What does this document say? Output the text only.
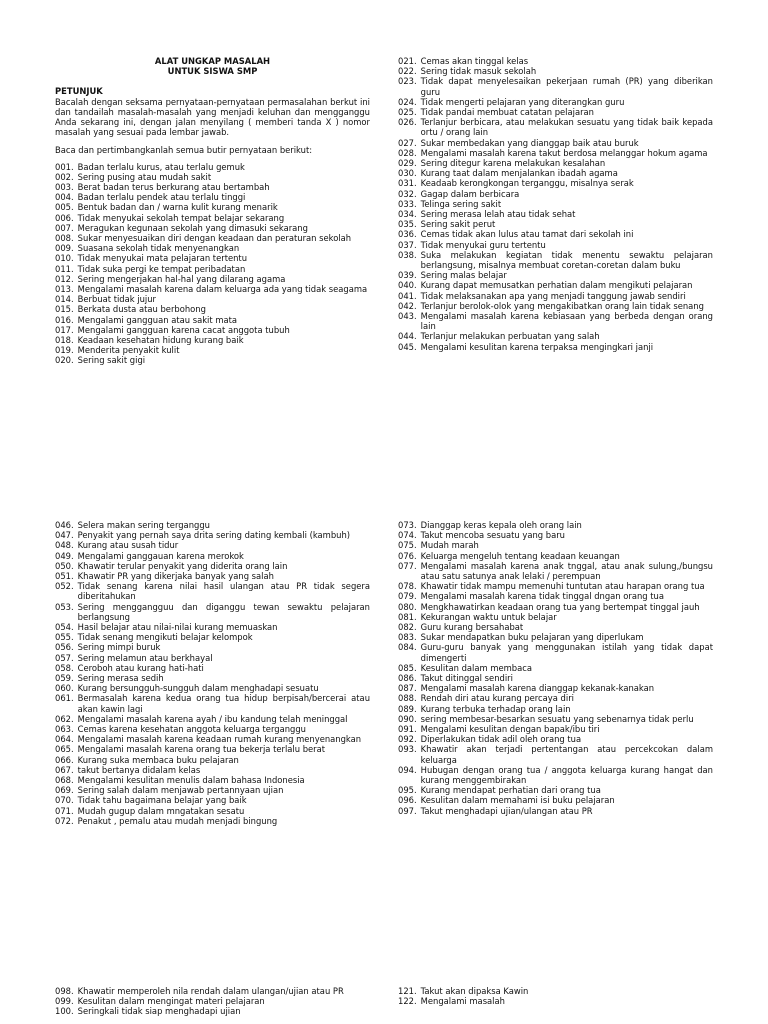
ALAT UNGKAP MASALAH
UNTUK SISWA SMP
PETUNJUK
Bacalah dengan seksama pernyataan-pernyataan permasalahan berkut ini dan tandailah masalah-masalah yang menjadi keluhan dan mengganggu Anda sekarang ini, dengan jalan menyilang ( memberi tanda X ) nomor masalah yang sesuai pada lembar jawab.
Baca dan pertimbangkanlah semua butir pernyataan berikut:
001. Badan terlalu kurus, atau terlalu gemuk
002. Sering pusing atau mudah sakit
003. Berat badan terus berkurang atau bertambah
004. Badan terlalu pendek atau terlalu tinggi
005. Bentuk badan dan / warna kulit kurang menarik
006. Tidak menyukai sekolah tempat belajar sekarang
007. Meragukan kegunaan sekolah yang dimasuki sekarang
008. Sukar menyesuaikan diri dengan keadaan dan peraturan sekolah
009. Suasana sekolah tidak menyenangkan
010. Tidak menyukai mata pelajaran tertentu
011. Tidak suka pergi ke tempat peribadatan
012. Sering mengerjakan hal-hal yang dilarang agama
013. Mengalami masalah karena dalam keluarga ada yang tidak seagama
014. Berbuat tidak jujur
015. Berkata dusta atau berbohong
016. Mengalami gangguan atau sakit mata
017. Mengalami gangguan karena cacat anggota tubuh
018. Keadaan kesehatan hidung kurang baik
019. Menderita penyakit kulit
020. Sering sakit gigi
021. Cemas akan tinggal kelas
022. Sering tidak masuk sekolah
023. Tidak dapat menyelesaikan pekerjaan rumah (PR) yang diberikan guru
024. Tidak mengerti pelajaran yang diterangkan guru
025. Tidak pandai membuat catatan pelajaran
026. Terlanjur berbicara, atau melakukan sesuatu yang tidak baik kepada ortu / orang lain
027. Sukar membedakan yang dianggap baik atau buruk
028. Mengalami masalah karena takut berdosa melanggar hokum agama
029. Sering ditegur karena melakukan kesalahan
030. Kurang taat dalam menjalankan ibadah agama
031. Keadaab kerongkongan terganggu, misalnya serak
032. Gagap dalam berbicara
033. Telinga sering sakit
034. Sering merasa lelah atau tidak sehat
035. Sering sakit perut
036. Cemas tidak akan lulus atau tamat dari sekolah ini
037. Tidak menyukai guru tertentu
038. Suka melakukan kegiatan tidak menentu sewaktu pelajaran berlangsung, misalnya membuat coretan-coretan dalam buku
039. Sering malas belajar
040. Kurang dapat memusatkan perhatian dalam mengikuti pelajaran
041. Tidak melaksanakan apa yang menjadi tanggung jawab sendiri
042. Terlanjur berolok-olok yang mengakibatkan orang lain tidak senang
043. Mengalami masalah karena kebiasaan yang berbeda dengan orang lain
044. Terlanjur melakukan perbuatan yang salah
045. Mengalami kesulitan karena terpaksa mengingkari janji
046. Selera makan sering terganggu
047. Penyakit yang pernah saya drita sering dating kembali (kambuh)
048. Kurang atau susah tidur
049. Mengalami ganggauan karena merokok
050. Khawatir terular penyakit yang diderita orang lain
051. Khawatir PR yang dikerjaka banyak yang salah
052. Tidak senang karena nilai hasil ulangan atau PR tidak segera diberitahukan
053. Sering menggangguu dan diganggu tewan sewaktu pelajaran berlangsung
054. Hasil belajar atau nilai-nilai kurang memuaskan
055. Tidak senang mengikuti belajar kelompok
056. Sering mimpi buruk
057. Sering melamun atau berkhayal
058. Ceroboh atau kurang hati-hati
059. Sering merasa sedih
060. Kurang bersungguh-sungguh dalam menghadapi sesuatu
061. Bermasalah karena kedua orang tua hidup berpisah/bercerai atau akan kawin lagi
062. Mengalami masalah karena ayah / ibu kandung telah meninggal
063. Cemas karena kesehatan anggota keluarga terganggu
064. Mengalami masalah karena keadaan rumah kurang menyenangkan
065. Mengalami masalah karena orang tua bekerja terlalu berat
066. Kurang suka membaca buku pelajaran
067. takut bertanya didalam kelas
068. Mengalami kesulitan menulis dalam bahasa Indonesia
069. Sering salah dalam menjawab pertannyaan ujian
070. Tidak tahu bagaimana belajar yang baik
071. Mudah gugup dalam mngatakan sesatu
072. Penakut , pemalu atau mudah menjadi bingung
073. Dianggap keras kepala oleh orang lain
074. Takut mencoba sesuatu yang baru
075. Mudah marah
076. Keluarga mengeluh tentang keadaan keuangan
077. Mengalami masalah karena anak tnggal, atau anak sulung,/bungsu atau satu satunya anak lelaki / perempuan
078. Khawatir tidak mampu memenuhi tuntutan atau harapan orang tua
079. Mengalami masalah karena tidak tinggal dngan orang tua
080. Mengkhawatirkan keadaan orang tua yang bertempat tinggal jauh
081. Kekurangan waktu untuk belajar
082. Guru kurang bersahabat
083. Sukar mendapatkan buku pelajaran yang diperlukam
084. Guru-guru banyak yang menggunakan istilah yang tidak dapat dimengerti
085. Kesulitan dalam membaca
086. Takut ditinggal sendiri
087. Mengalami masalah karena dianggap kekanak-kanakan
088. Rendah diri atau kurang percaya diri
089. Kurang terbuka terhadap orang lain
090. sering membesar-besarkan sesuatu yang sebenarnya tidak perlu
091. Mengalami kesulitan dengan bapak/ibu tiri
092. Diperlakukan tidak adil oleh orang tua
093. Khawatir akan terjadi pertentangan atau percekcokan dalam keluarga
094. Hubugan dengan orang tua / anggota keluarga kurang hangat dan kurang menggembirakan
095. Kurang mendapat perhatian dari orang tua
096. Kesulitan dalam memahami isi buku pelajaran
097. Takut menghadapi ujian/ulangan atau PR
098. Khawatir memperoleh nila rendah dalam ulangan/ujian atau PR
099. Kesulitan dalam mengingat materi pelajaran
100. Seringkali tidak siap menghadapi ujian
121. Takut akan dipaksa Kawin
122. Mengalami masalah
